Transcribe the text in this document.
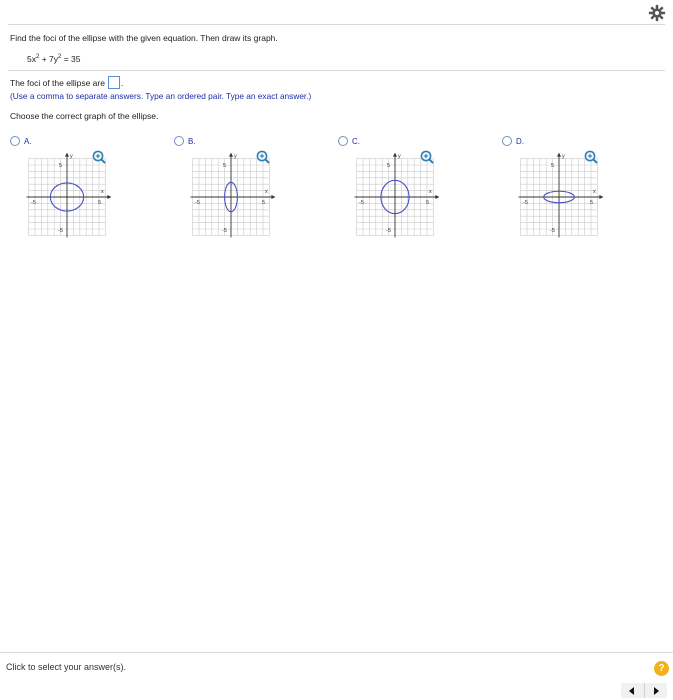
Find the foci of the ellipse with the given equation. Then draw its graph.
$5x^2 + 7y^2 = 35$
The foci of the ellipse are .
(Use a comma to separate answers. Type an ordered pair. Type an exact answer.)
Choose the correct graph of the ellipse.
A.
y
x
5
5
-5
-5
B.
y
x
5
5
-5
-5
C.
y
x
5
5
-5
-5
D.
y
x
5
5
-5
-5
Click to select your answer(s).	?
